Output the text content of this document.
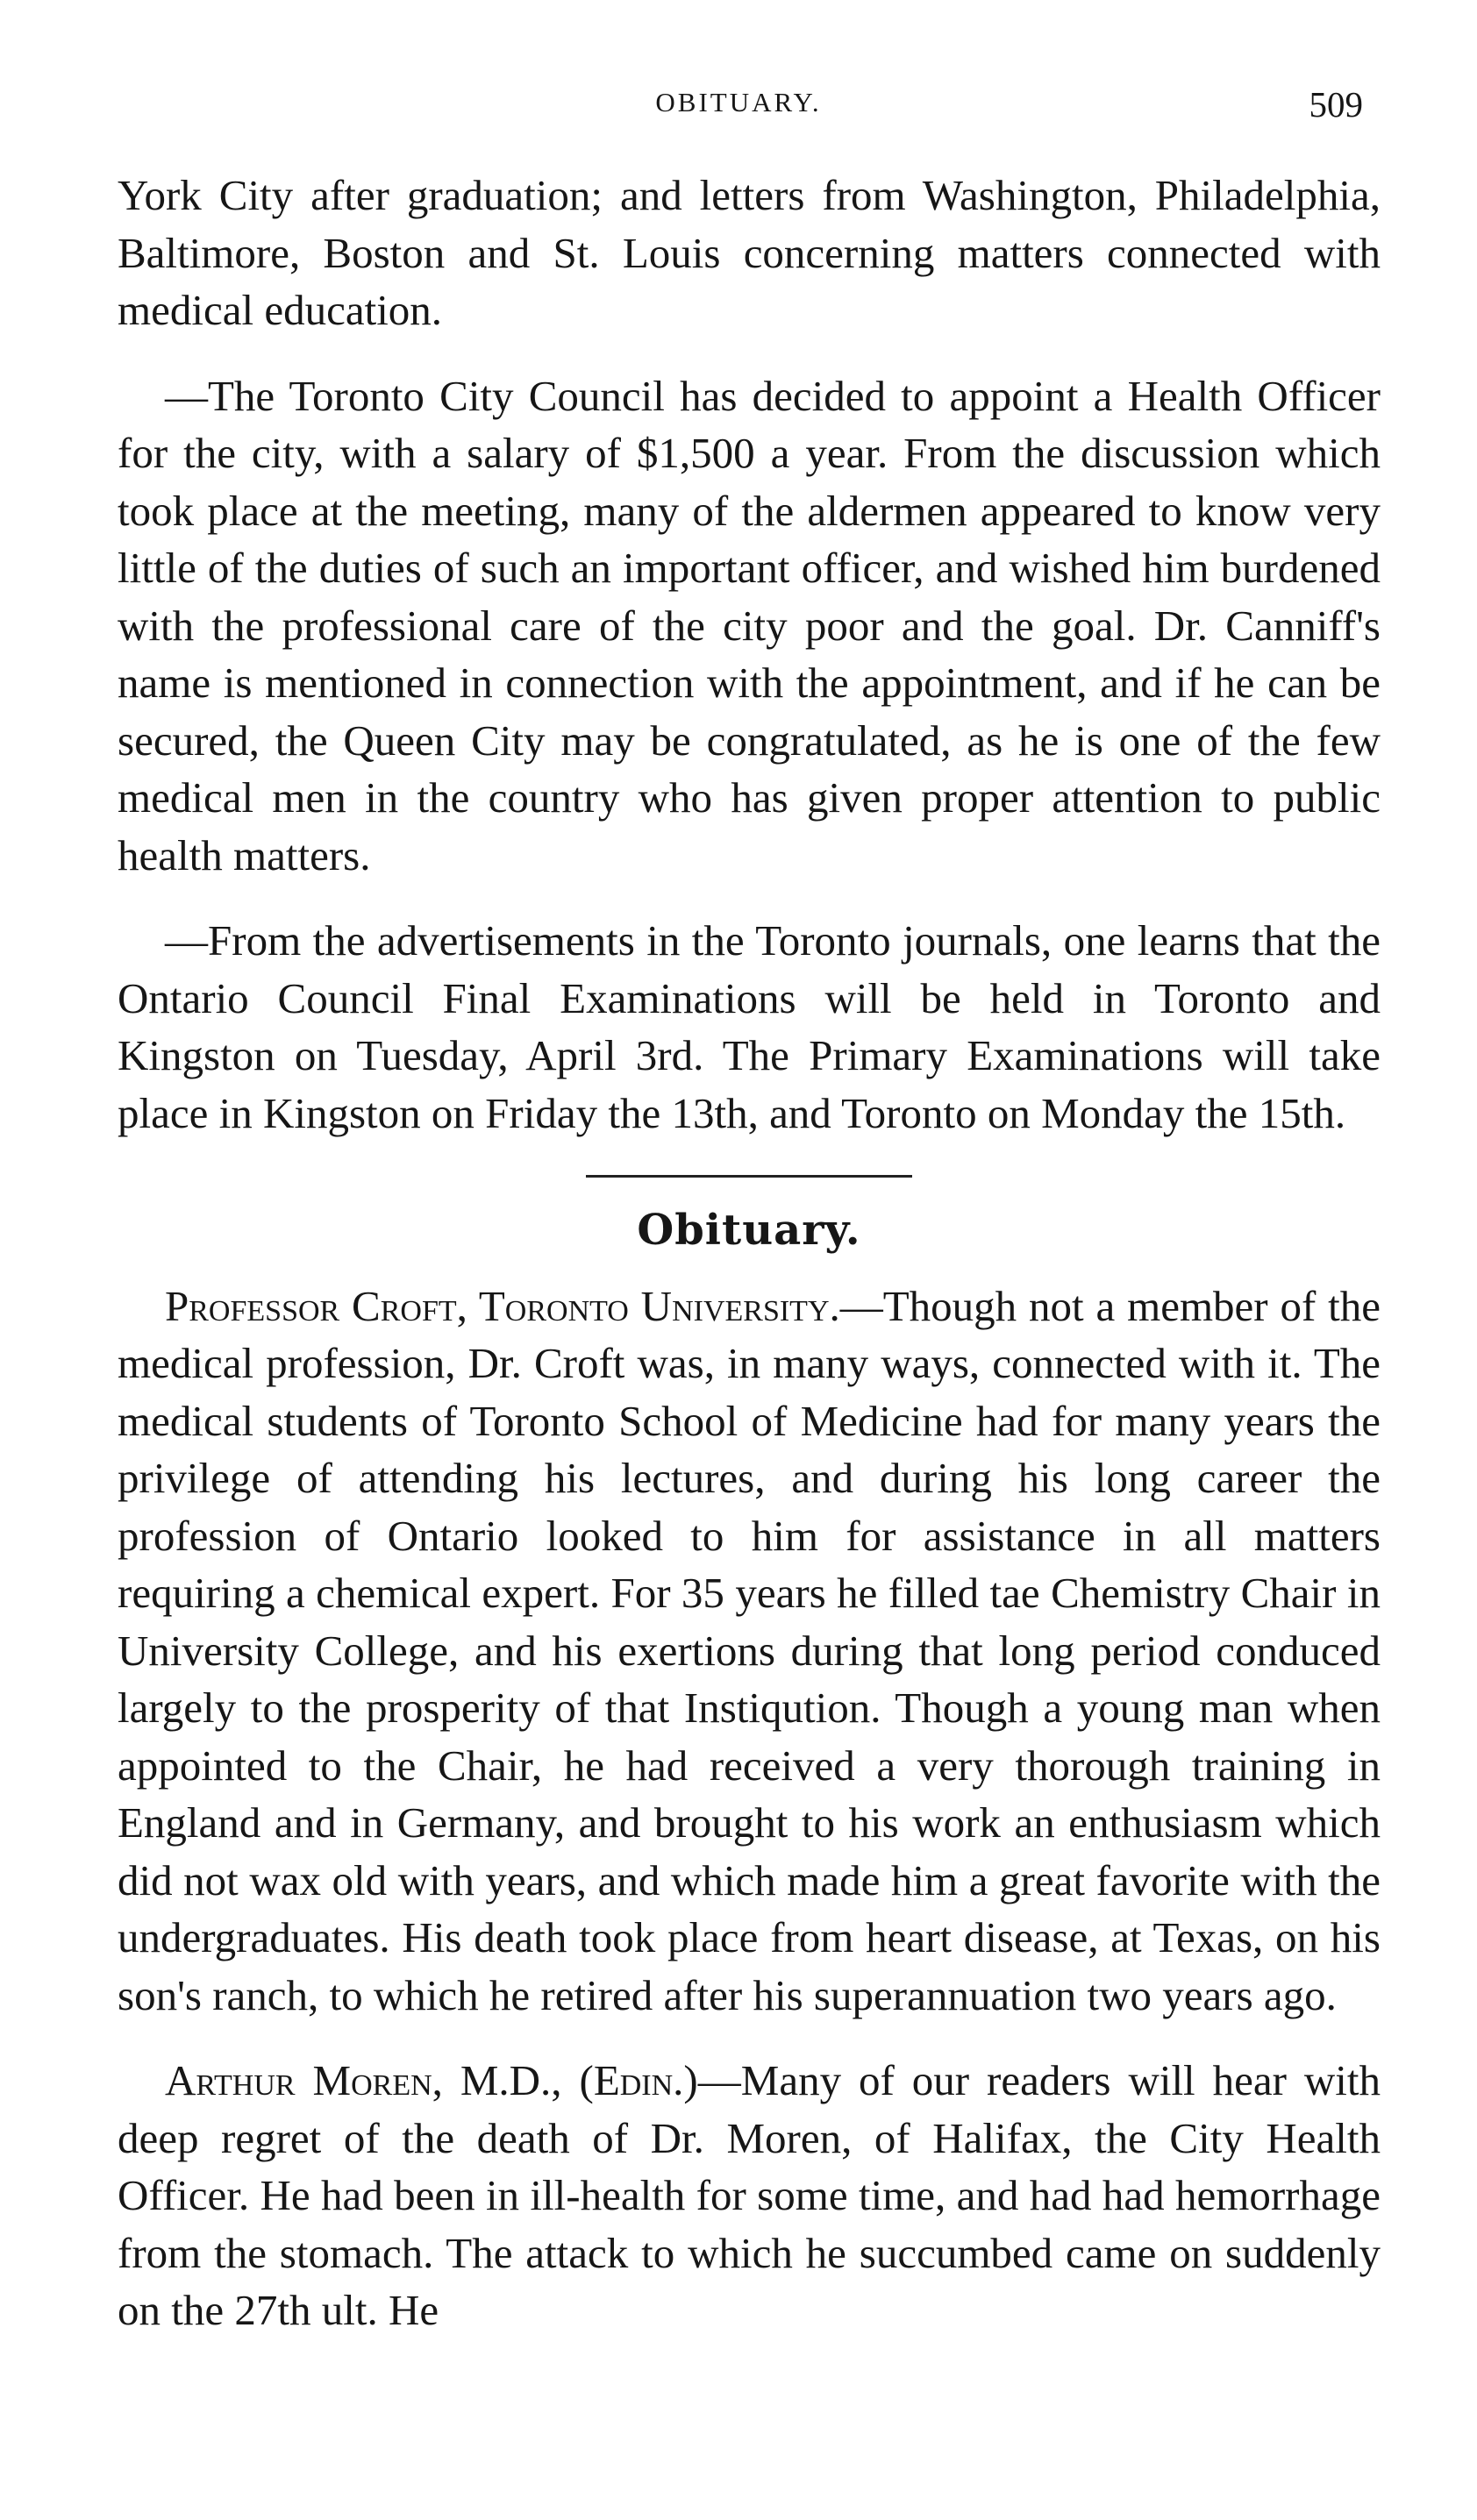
OBITUARY.	509

York City after graduation; and letters from Washington, Philadelphia, Baltimore, Boston and St. Louis concerning matters connected with medical education.

—The Toronto City Council has decided to appoint a Health Officer for the city, with a salary of $1,500 a year. From the discussion which took place at the meeting, many of the aldermen appeared to know very little of the duties of such an important officer, and wished him burdened with the professional care of the city poor and the goal. Dr. Canniff's name is mentioned in connection with the appointment, and if he can be secured, the Queen City may be congratulated, as he is one of the few medical men in the country who has given proper attention to public health matters.

—From the advertisements in the Toronto journals, one learns that the Ontario Council Final Examinations will be held in Toronto and Kingston on Tuesday, April 3rd. The Primary Examinations will take place in Kingston on Friday the 13th, and Toronto on Monday the 15th.

Obituary.

Professor Croft, Toronto University.—Though not a member of the medical profession, Dr. Croft was, in many ways, connected with it. The medical students of Toronto School of Medicine had for many years the privilege of attending his lectures, and during his long career the profession of Ontario looked to him for assistance in all matters requiring a chemical expert. For 35 years he filled tae Chemistry Chair in University College, and his exertions during that long period conduced largely to the prosperity of that Instiqution. Though a young man when appointed to the Chair, he had received a very thorough training in England and in Germany, and brought to his work an enthusiasm which did not wax old with years, and which made him a great favorite with the undergraduates. His death took place from heart disease, at Texas, on his son's ranch, to which he retired after his superannuation two years ago.

Arthur Moren, M.D., (Edin.)—Many of our readers will hear with deep regret of the death of Dr. Moren, of Halifax, the City Health Officer. He had been in ill-health for some time, and had had hemorrhage from the stomach. The attack to which he succumbed came on suddenly on the 27th ult. He
